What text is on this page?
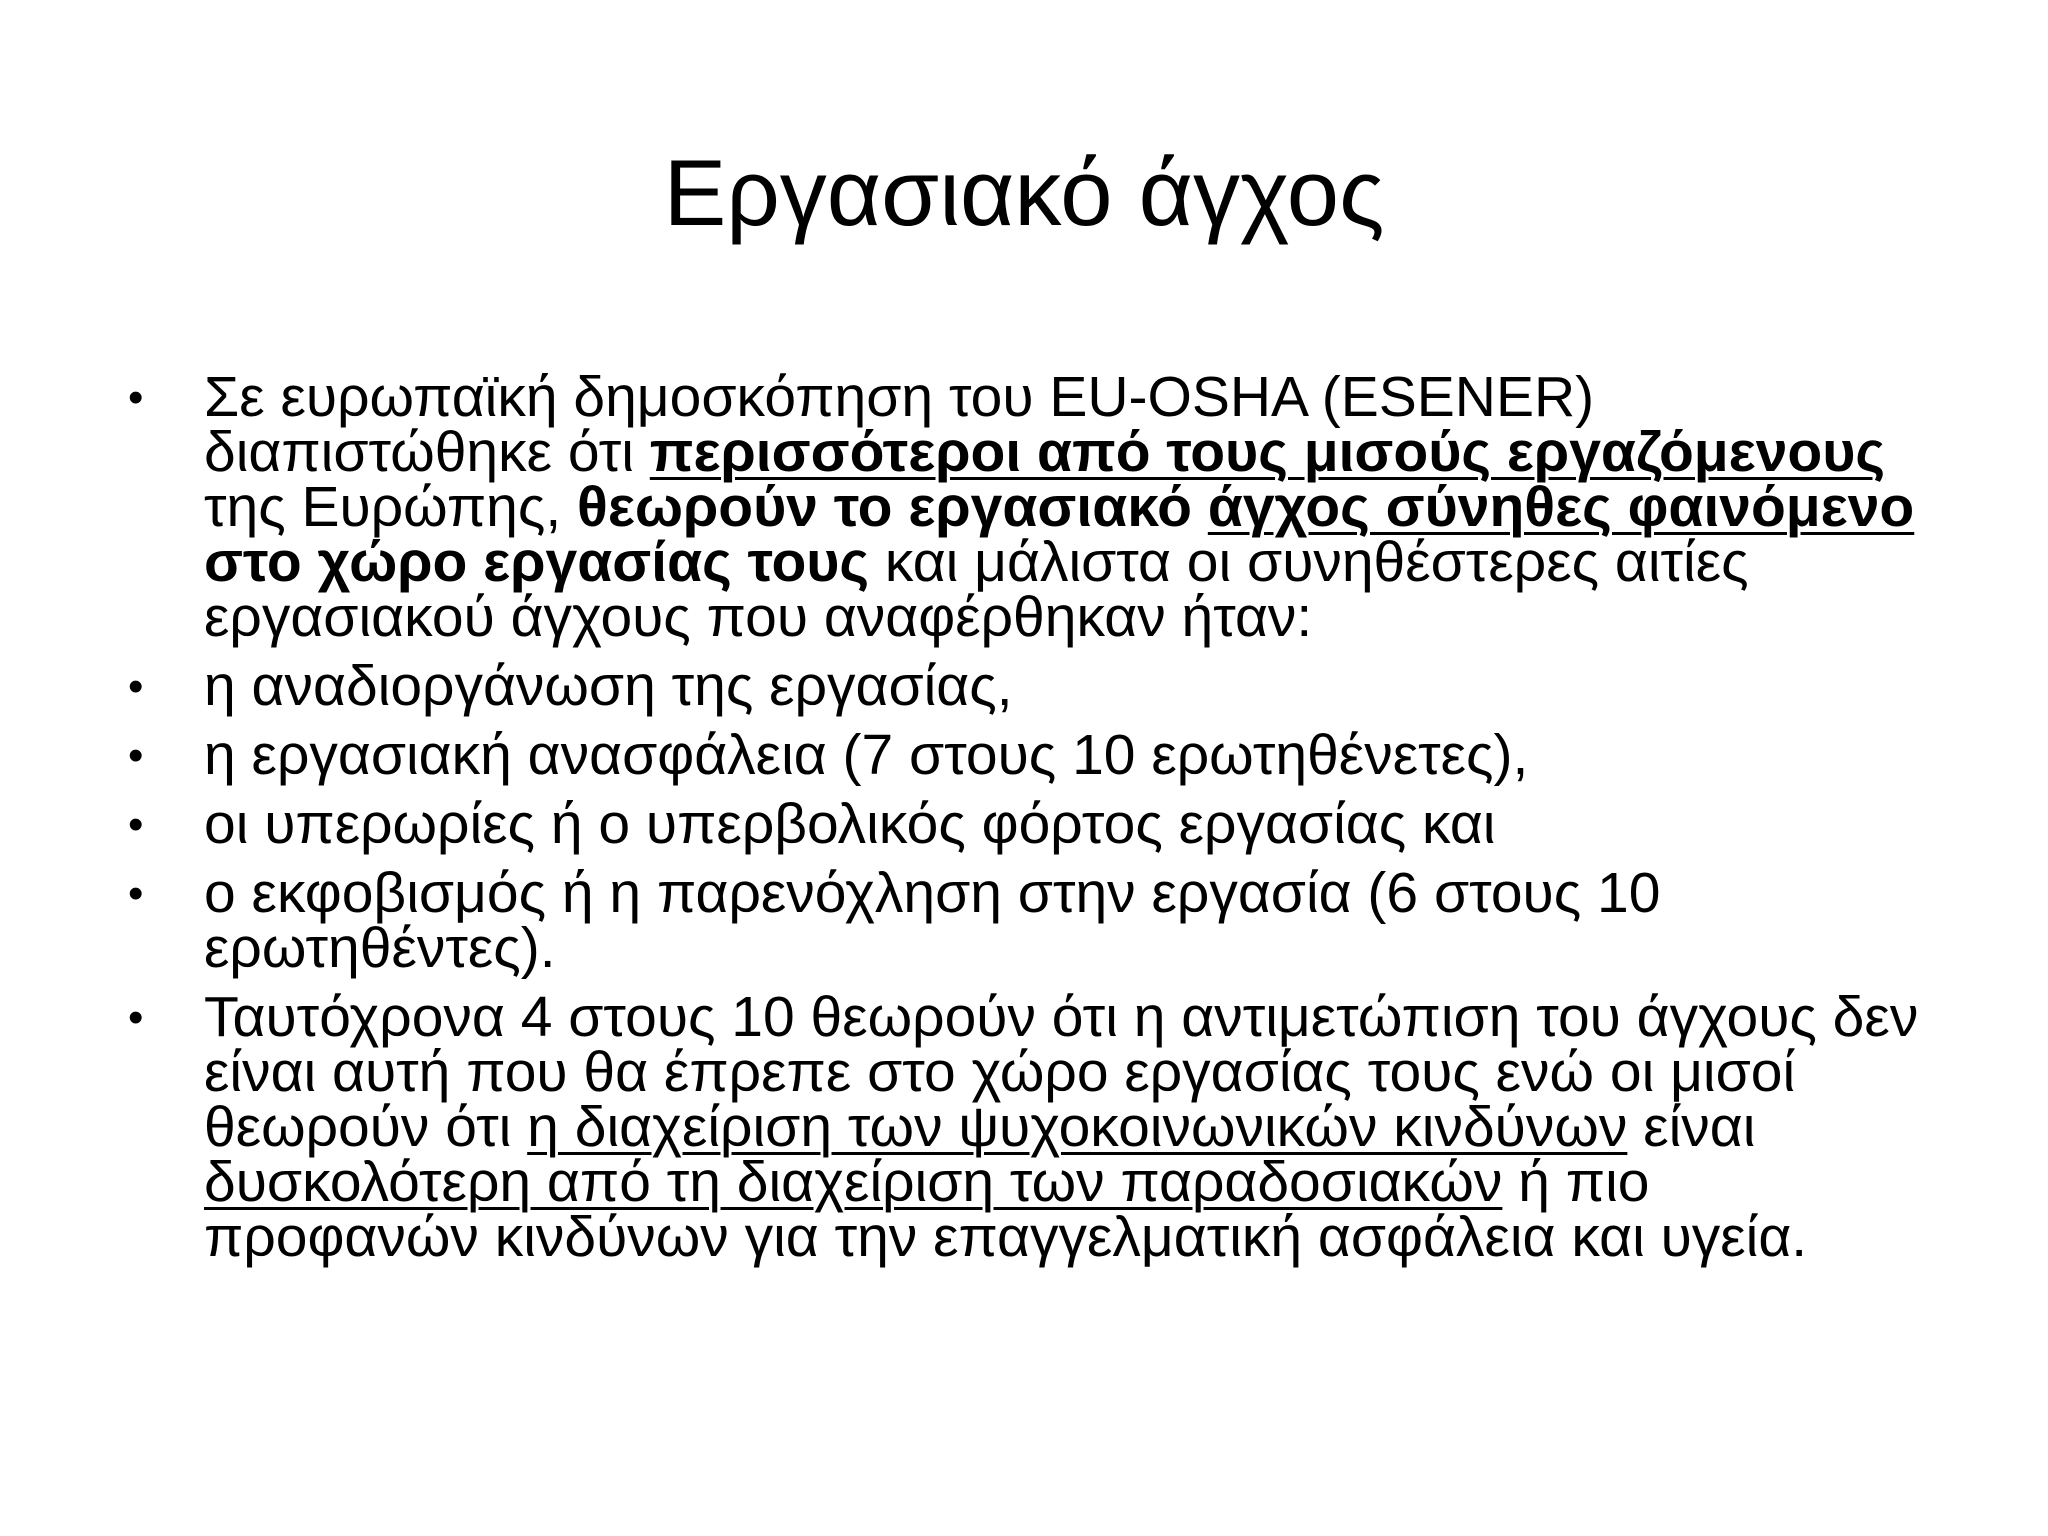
Εργασιακό άγχος
• Σε ευρωπαϊκή δημοσκόπηση του EU-OSHA (ESENER) διαπιστώθηκε ότι περισσότεροι από τους μισούς εργαζόμενους της Ευρώπης, θεωρούν το εργασιακό άγχος σύνηθες φαινόμενο στο χώρο εργασίας τους και μάλιστα οι συνηθέστερες αιτίες εργασιακού άγχους που αναφέρθηκαν ήταν:
• η αναδιοργάνωση της εργασίας,
• η εργασιακή ανασφάλεια (7 στους 10 ερωτηθένετες),
• οι υπερωρίες ή ο υπερβολικός φόρτος εργασίας και
• ο εκφοβισμός ή η παρενόχληση στην εργασία (6 στους 10 ερωτηθέντες).
• Ταυτόχρονα 4 στους 10 θεωρούν ότι η αντιμετώπιση του άγχους δεν είναι αυτή που θα έπρεπε στο χώρο εργασίας τους ενώ οι μισοί θεωρούν ότι η διαχείριση των ψυχοκοινωνικών κινδύνων είναι δυσκολότερη από τη διαχείριση των παραδοσιακών ή πιο προφανών κινδύνων για την επαγγελματική ασφάλεια και υγεία.
